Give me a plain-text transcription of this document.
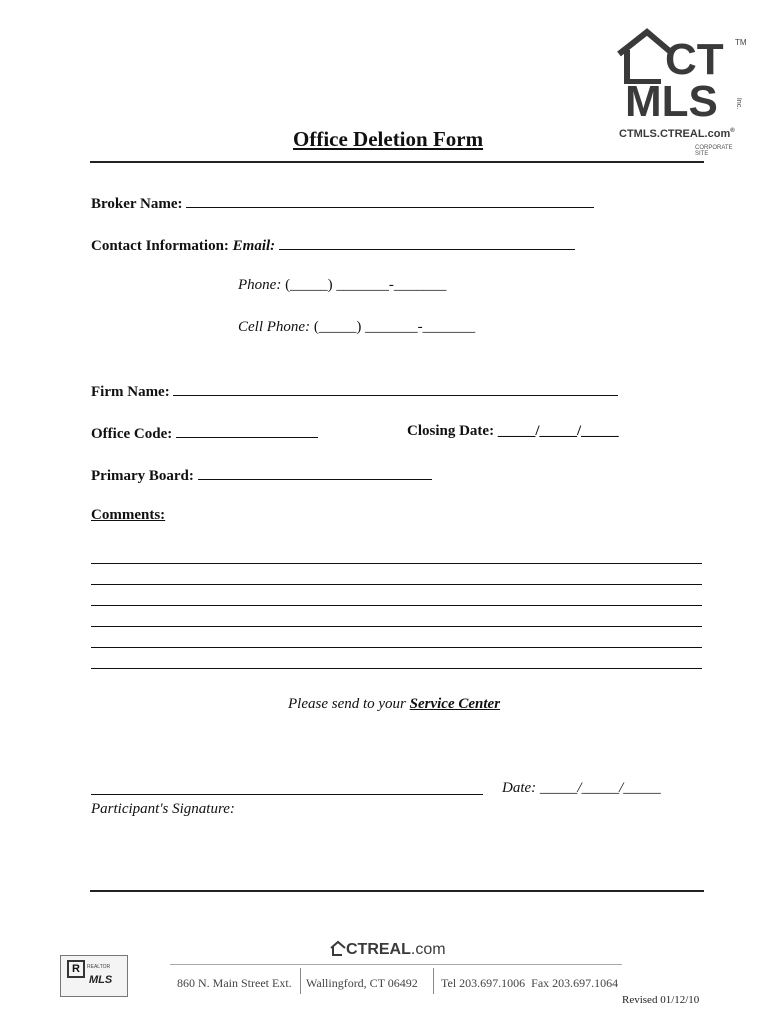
TM
CT
MLS Inc.
CTMLS.CTREAL.com®
CORPORATE SITE
Office Deletion Form
Broker Name:
Contact Information: Email:
Phone: (_____) _______-_______
Cell Phone: (_____) _______-_______
Firm Name:
Office Code:	Closing Date: _____/_____/_____
Primary Board:
Comments:
Please send to your Service Center
Date: _____/_____/_____
Participant's Signature:
CTREAL.com
R	REALTOR
MLS	860 N. Main Street Ext. Wallingford, CT 06492 Tel 203.697.1006  Fax 203.697.1064
Revised 01/12/10
